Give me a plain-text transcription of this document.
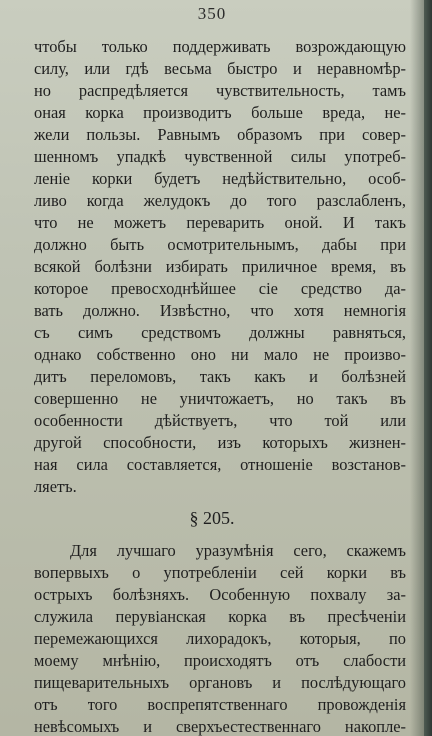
350
чтобы только поддерживать возрождающую
силу, или гдѣ весьма быстро и неравномѣр-
но распредѣляется чувствительность, тамъ
оная корка производитъ больше вреда, не-
жели пользы. Равнымъ образомъ при совер-
шенномъ упадкѣ чувственной силы употреб-
леніе корки будетъ недѣйствительно, особ-
ливо когда желудокъ до того разслабленъ,
что не можетъ переварить оной. И такъ
должно быть осмотрительнымъ, дабы при
всякой болѣзни избирать приличное время, въ
которое превосходнѣйшее сіе средство да-
вать должно. Извѣстно, что хотя немногія
съ симъ средствомъ должны равняться,
однако собственно оно ни мало не произво-
дитъ переломовъ, такъ какъ и болѣзней
совершенно не уничтожаетъ, но такъ въ
особенности дѣйствуетъ, что той или
другой способности, изъ которыхъ жизнен-
ная сила составляется, отношеніе возстанов-
ляетъ.
§ 205.
Для лучшаго уразумѣнія сего, скажемъ
вопервыхъ о употребленіи сей корки въ
острыхъ болѣзняхъ. Особенную похвалу за-
служила перувіанская корка въ пресѣченіи
перемежающихся лихорадокъ, которыя, по
моему мнѣнію, происходятъ отъ слабости
пищеварительныхъ органовъ и послѣдующаго
отъ того воспрепятственнаго провожденія
невѣсомыхъ и сверхъестественнаго накопле-
